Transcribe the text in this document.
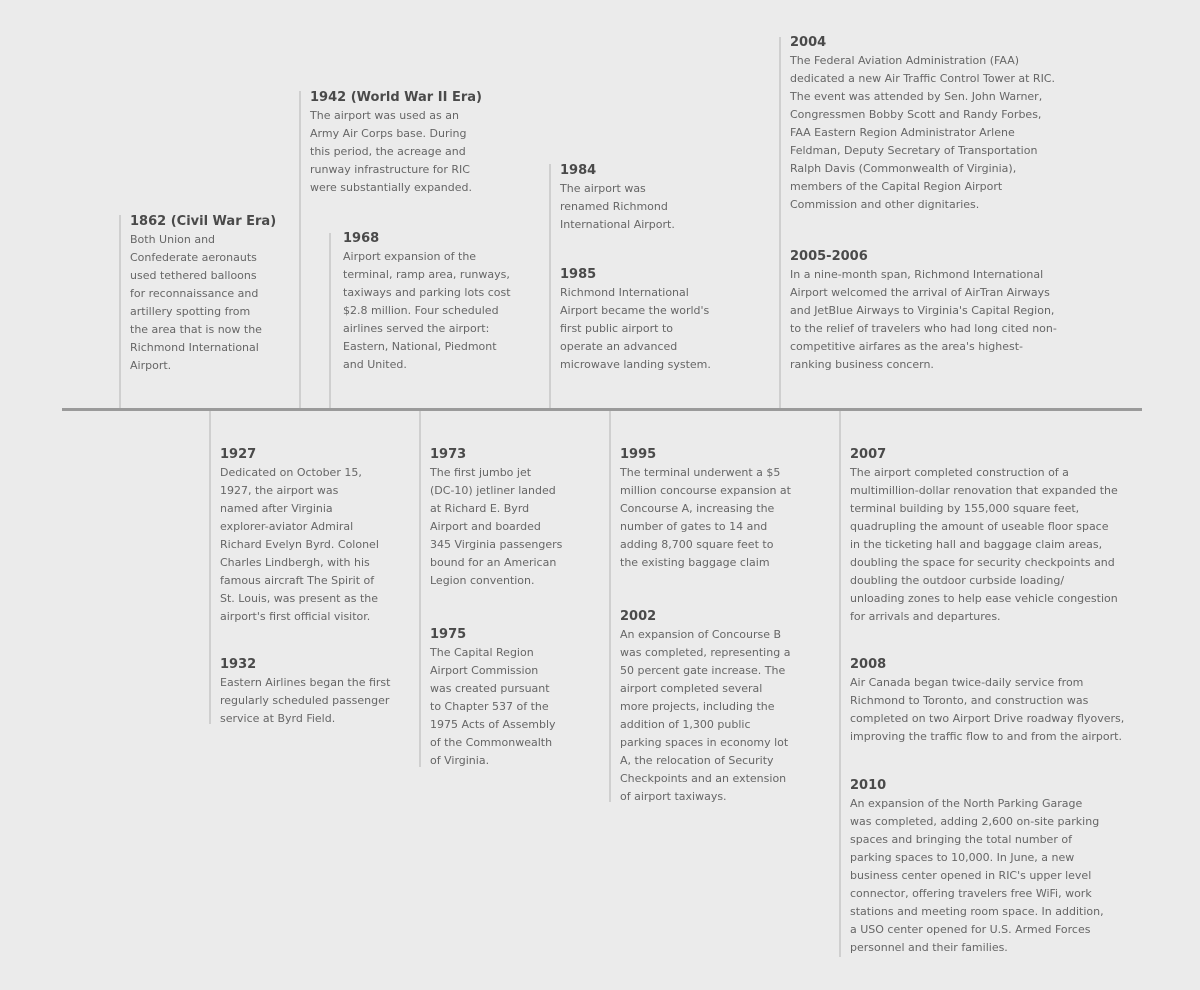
1862 (Civil War Era)

Both Union and
Confederate aeronauts
used tethered balloons
for reconnaissance and
artillery spotting from
the area that is now the
Richmond International
Airport.

1942 (World War II Era)

The airport was used as an
Army Air Corps base. During
this period, the acreage and
runway infrastructure for RIC
were substantially expanded.

1968

Airport expansion of the
terminal, ramp area, runways,
taxiways and parking lots cost
$2.8 million. Four scheduled
airlines served the airport:
Eastern, National, Piedmont
and United.

1984

The airport was
renamed Richmond
International Airport.

1985

Richmond International
Airport became the world's
first public airport to
operate an advanced
microwave landing system.

2004

The Federal Aviation Administration (FAA)
dedicated a new Air Traffic Control Tower at RIC.
The event was attended by Sen. John Warner,
Congressmen Bobby Scott and Randy Forbes,
FAA Eastern Region Administrator Arlene
Feldman, Deputy Secretary of Transportation
Ralph Davis (Commonwealth of Virginia),
members of the Capital Region Airport
Commission and other dignitaries.

2005-2006

In a nine-month span, Richmond International
Airport welcomed the arrival of AirTran Airways
and JetBlue Airways to Virginia's Capital Region,
to the relief of travelers who had long cited non-
competitive airfares as the area's highest-
ranking business concern.

1927

Dedicated on October 15,
1927, the airport was
named after Virginia
explorer-aviator Admiral
Richard Evelyn Byrd. Colonel
Charles Lindbergh, with his
famous aircraft The Spirit of
St. Louis, was present as the
airport's first official visitor.

1932

Eastern Airlines began the first
regularly scheduled passenger
service at Byrd Field.

1973

The first jumbo jet
(DC-10) jetliner landed
at Richard E. Byrd
Airport and boarded
345 Virginia passengers
bound for an American
Legion convention.

1975

The Capital Region
Airport Commission
was created pursuant
to Chapter 537 of the
1975 Acts of Assembly
of the Commonwealth
of Virginia.

1995

The terminal underwent a $5
million concourse expansion at
Concourse A, increasing the
number of gates to 14 and
adding 8,700 square feet to
the existing baggage claim

2002

An expansion of Concourse B
was completed, representing a
50 percent gate increase. The
airport completed several
more projects, including the
addition of 1,300 public
parking spaces in economy lot
A, the relocation of Security
Checkpoints and an extension
of airport taxiways.

2007

The airport completed construction of a
multimillion-dollar renovation that expanded the
terminal building by 155,000 square feet,
quadrupling the amount of useable floor space
in the ticketing hall and baggage claim areas,
doubling the space for security checkpoints and
doubling the outdoor curbside loading/
unloading zones to help ease vehicle congestion
for arrivals and departures.

2008

Air Canada began twice-daily service from
Richmond to Toronto, and construction was
completed on two Airport Drive roadway flyovers,
improving the traffic flow to and from the airport.

2010

An expansion of the North Parking Garage
was completed, adding 2,600 on-site parking
spaces and bringing the total number of
parking spaces to 10,000. In June, a new
business center opened in RIC's upper level
connector, offering travelers free WiFi, work
stations and meeting room space. In addition,
a USO center opened for U.S. Armed Forces
personnel and their families.
